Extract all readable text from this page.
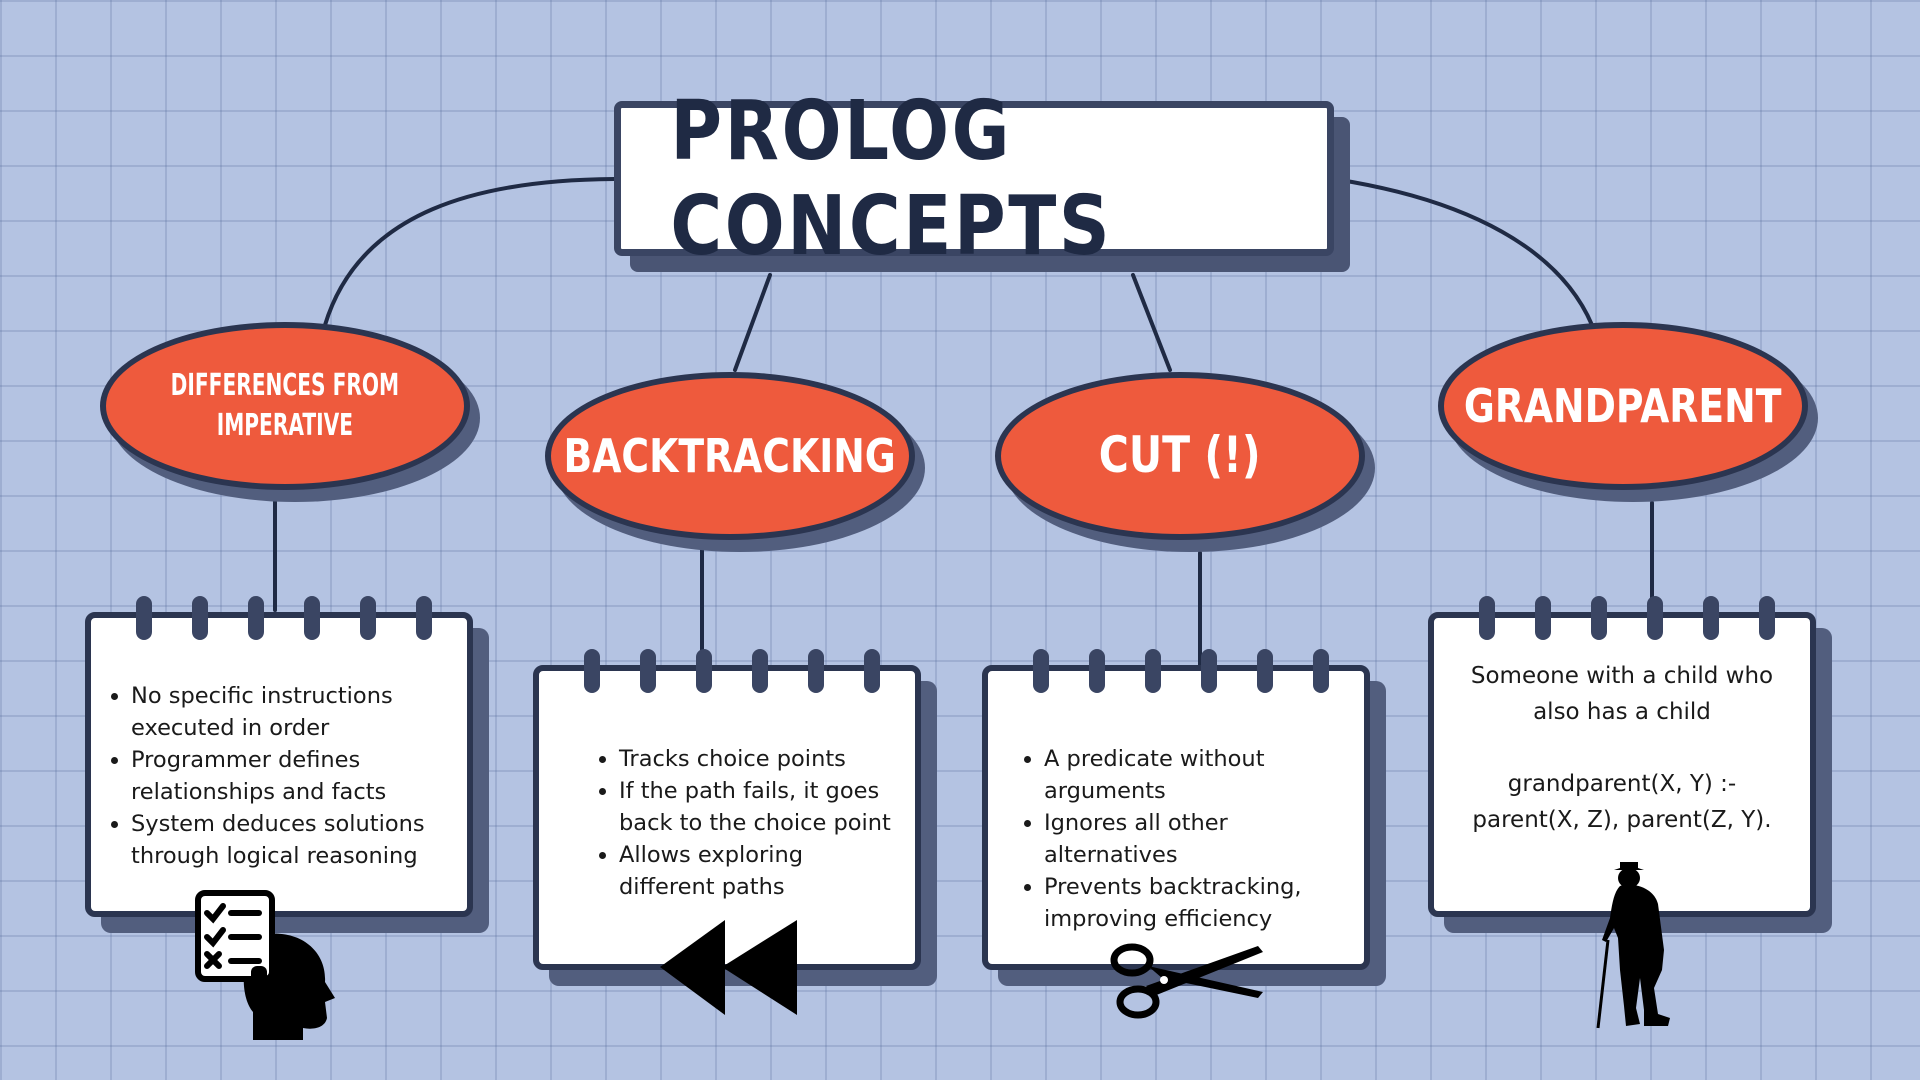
PROLOG CONCEPTS
DIFFERENCES FROM
IMPERATIVE
BACKTRACKING	CUT (!)
GRANDPARENT
• No specific instructions executed in order
• Programmer defines relationships and facts
• System deduces solutions through logical reasoning
• Tracks choice points
• If the path fails, it goes back to the choice point
• Allows exploring different paths
• A predicate without arguments
• Ignores all other alternatives
• Prevents backtracking, improving efficiency
Someone with a child who also has a child
grandparent(X, Y) :-
parent(X, Z), parent(Z, Y).
